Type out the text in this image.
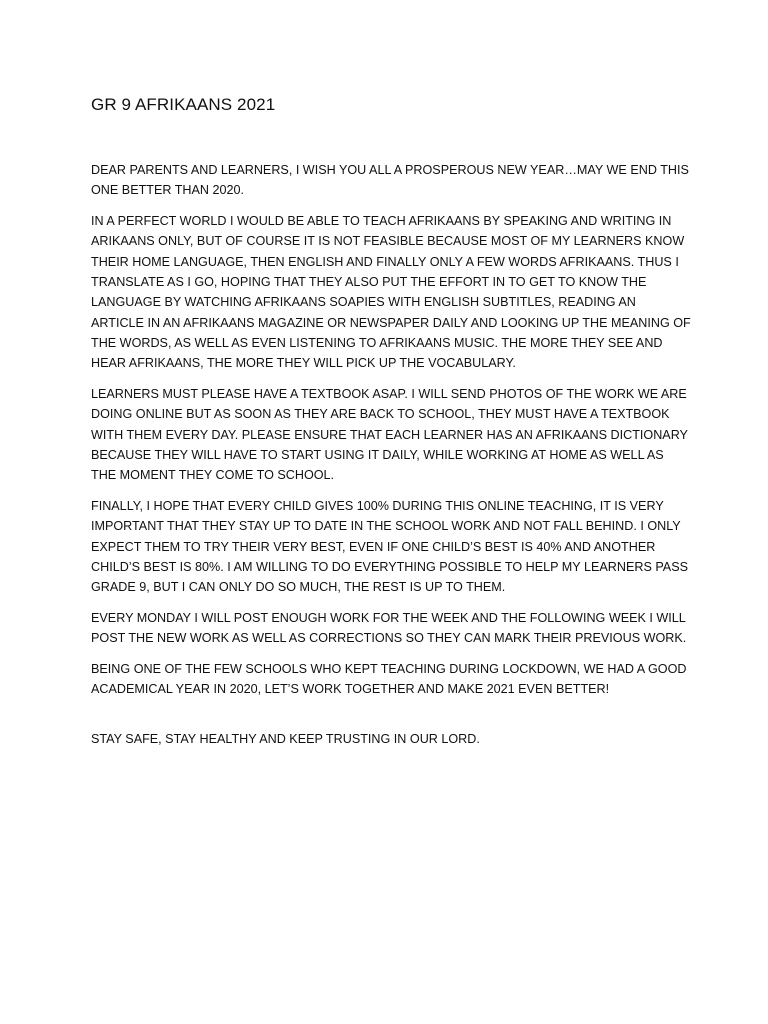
GR 9 AFRIKAANS 2021

DEAR PARENTS AND LEARNERS, I WISH YOU ALL A PROSPEROUS NEW YEAR…MAY WE END THIS ONE BETTER THAN 2020.

IN A PERFECT WORLD I WOULD BE ABLE TO TEACH AFRIKAANS BY SPEAKING AND WRITING IN ARIKAANS ONLY, BUT OF COURSE IT IS NOT FEASIBLE BECAUSE MOST OF MY LEARNERS KNOW THEIR HOME LANGUAGE, THEN ENGLISH AND FINALLY ONLY A FEW WORDS AFRIKAANS. THUS I TRANSLATE AS I GO, HOPING THAT THEY ALSO PUT THE EFFORT IN TO GET TO KNOW THE LANGUAGE BY WATCHING AFRIKAANS SOAPIES WITH ENGLISH SUBTITLES, READING AN ARTICLE IN AN AFRIKAANS MAGAZINE OR NEWSPAPER DAILY AND LOOKING UP THE MEANING OF THE WORDS, AS WELL AS EVEN LISTENING TO AFRIKAANS MUSIC. THE MORE THEY SEE AND HEAR AFRIKAANS, THE MORE THEY WILL PICK UP THE VOCABULARY.

LEARNERS MUST PLEASE HAVE A TEXTBOOK ASAP. I WILL SEND PHOTOS OF THE WORK WE ARE DOING ONLINE BUT AS SOON AS THEY ARE BACK TO SCHOOL, THEY MUST HAVE A TEXTBOOK WITH THEM EVERY DAY. PLEASE ENSURE THAT EACH LEARNER HAS AN AFRIKAANS DICTIONARY BECAUSE THEY WILL HAVE TO START USING IT DAILY, WHILE WORKING AT HOME AS WELL AS THE MOMENT THEY COME TO SCHOOL.

FINALLY, I HOPE THAT EVERY CHILD GIVES 100% DURING THIS ONLINE TEACHING, IT IS VERY IMPORTANT THAT THEY STAY UP TO DATE IN THE SCHOOL WORK AND NOT FALL BEHIND. I ONLY EXPECT THEM TO TRY THEIR VERY BEST, EVEN IF ONE CHILD’S BEST IS 40% AND ANOTHER CHILD’S BEST IS 80%. I AM WILLING TO DO EVERYTHING POSSIBLE TO HELP MY LEARNERS PASS GRADE 9, BUT I CAN ONLY DO SO MUCH, THE REST IS UP TO THEM.

EVERY MONDAY I WILL POST ENOUGH WORK FOR THE WEEK AND THE FOLLOWING WEEK I WILL POST THE NEW WORK AS WELL AS CORRECTIONS SO THEY CAN MARK THEIR PREVIOUS WORK.

BEING ONE OF THE FEW SCHOOLS WHO KEPT TEACHING DURING LOCKDOWN, WE HAD A GOOD ACADEMICAL YEAR IN 2020, LET’S WORK TOGETHER AND MAKE 2021 EVEN BETTER!

STAY SAFE, STAY HEALTHY AND KEEP TRUSTING IN OUR LORD.
